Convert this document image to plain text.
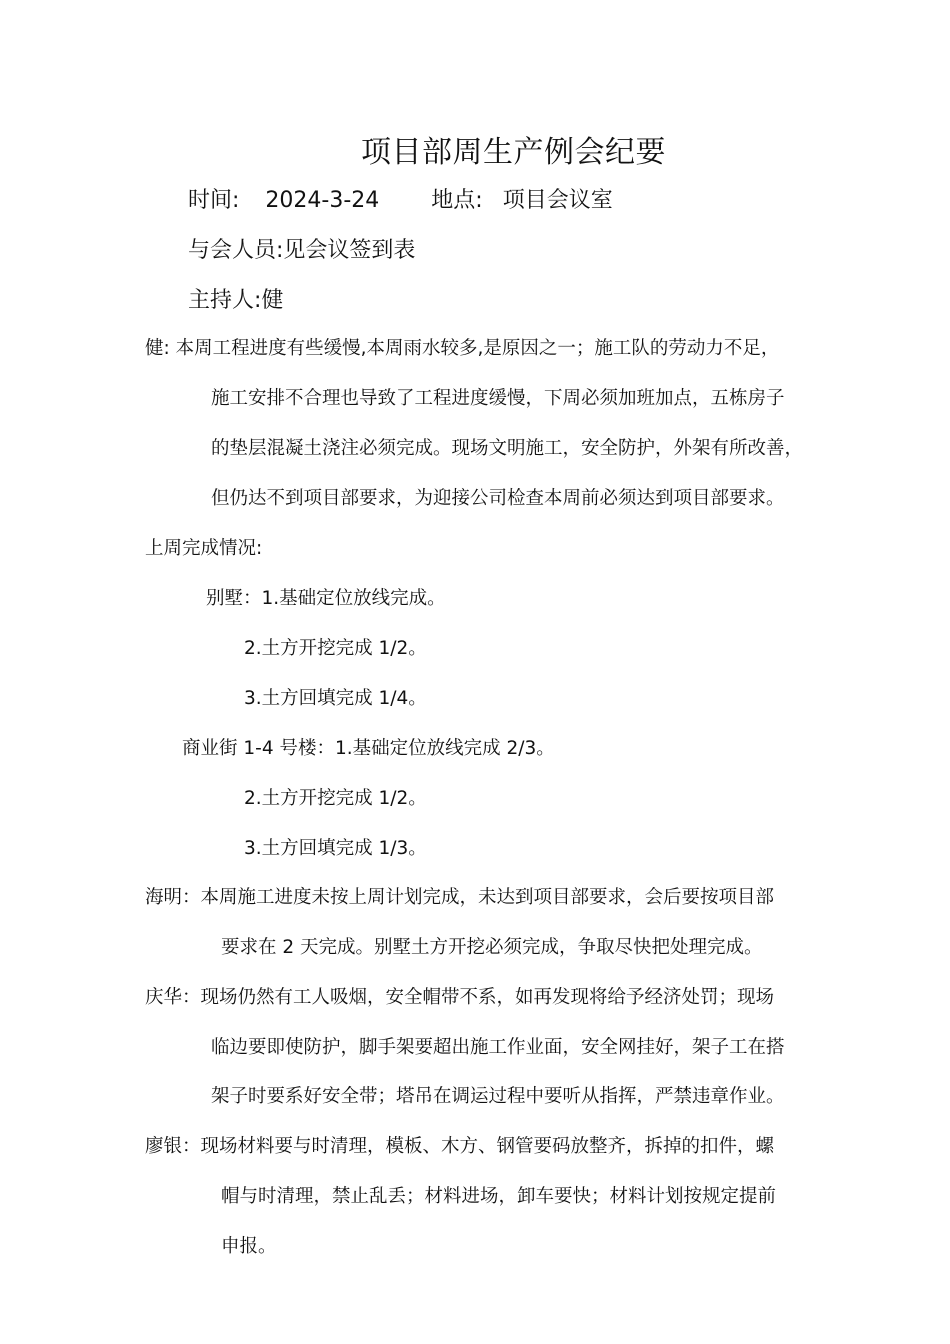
项目部周生产例会纪要
时间: 2024-3-24 地点: 项目会议室
与会人员:见会议签到表
主持人:健
健: 本周工程进度有些缓慢,本周雨水较多,是原因之一；施工队的劳动力不足，
施工安排不合理也导致了工程进度缓慢，下周必须加班加点，五栋房子
的垫层混凝土浇注必须完成。现场文明施工，安全防护，外架有所改善，
但仍达不到项目部要求，为迎接公司检查本周前必须达到项目部要求。
上周完成情况:
别墅：1.基础定位放线完成。
2.土方开挖完成 1/2。
3.土方回填完成 1/4。
商业街 1-4 号楼：1.基础定位放线完成 2/3。
2.土方开挖完成 1/2。
3.土方回填完成 1/3。
海明：本周施工进度未按上周计划完成，未达到项目部要求，会后要按项目部
要求在 2 天完成。别墅土方开挖必须完成，争取尽快把处理完成。
庆华：现场仍然有工人吸烟，安全帽带不系，如再发现将给予经济处罚；现场
临边要即使防护，脚手架要超出施工作业面，安全网挂好，架子工在搭
架子时要系好安全带；塔吊在调运过程中要听从指挥，严禁违章作业。
廖银：现场材料要与时清理，模板、木方、钢管要码放整齐，拆掉的扣件，螺
帽与时清理，禁止乱丢；材料进场，卸车要快；材料计划按规定提前
申报。
